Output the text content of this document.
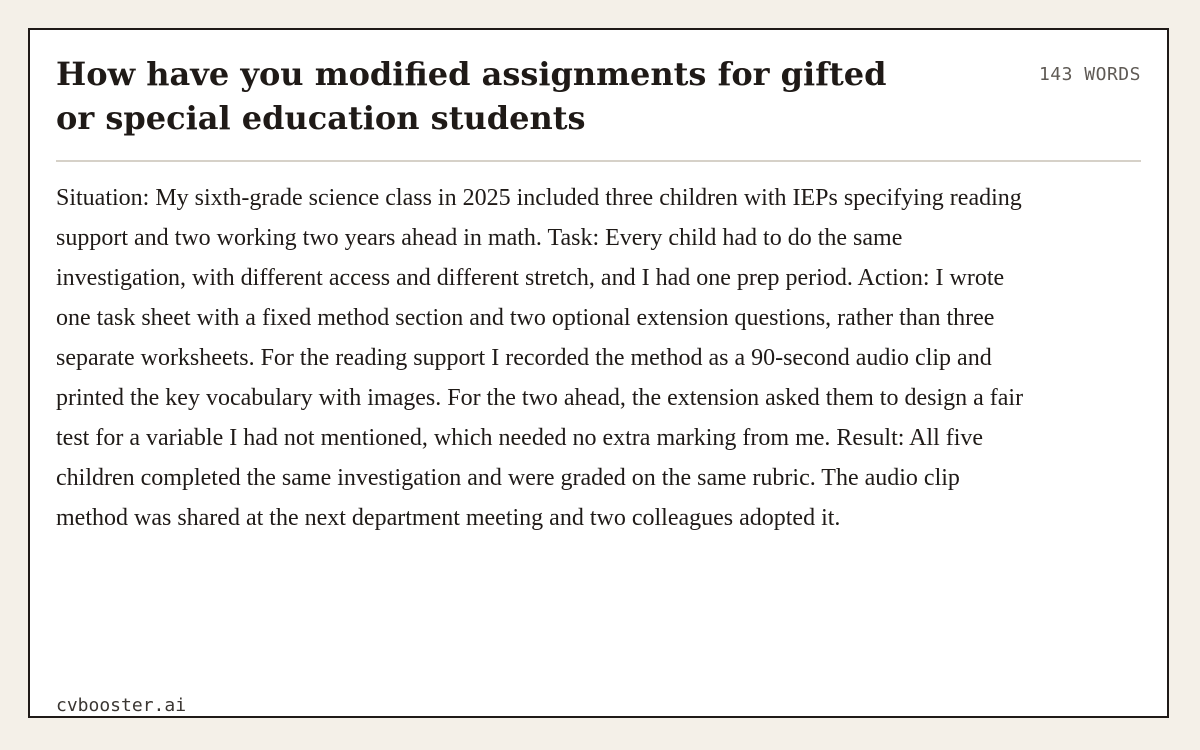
How have you modified assignments for gifted or special education students
143 WORDS

Situation: My sixth-grade science class in 2025 included three children with IEPs specifying reading support and two working two years ahead in math. Task: Every child had to do the same investigation, with different access and different stretch, and I had one prep period. Action: I wrote one task sheet with a fixed method section and two optional extension questions, rather than three separate worksheets. For the reading support I recorded the method as a 90-second audio clip and printed the key vocabulary with images. For the two ahead, the extension asked them to design a fair test for a variable I had not mentioned, which needed no extra marking from me. Result: All five children completed the same investigation and were graded on the same rubric. The audio clip method was shared at the next department meeting and two colleagues adopted it.

cvbooster.ai
